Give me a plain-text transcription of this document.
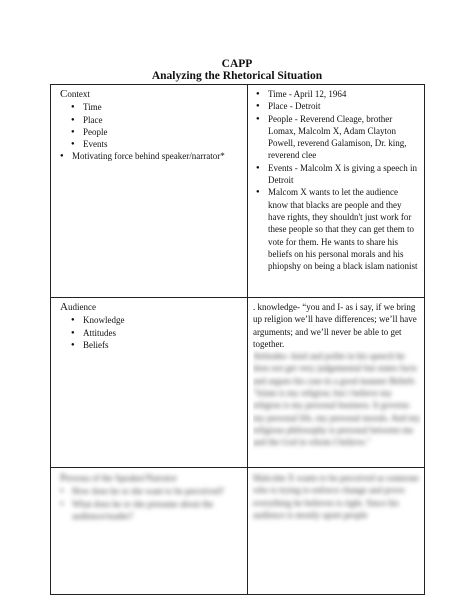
CAPP
Analyzing the Rhetorical Situation
Context
● Time
● Place
● People
● Events
● Motivating force behind speaker/narrator*
● Time - April 12, 1964
● Place - Detroit
● People - Reverend Cleage, brother Lomax, Malcolm X, Adam Clayton Powell, reverend Galamison, Dr. king, reverend clee
● Events - Malcolm X is giving a speech in Detroit
● Malcom X wants to let the audience know that blacks are people and they have rights, they shouldn't just work for these people so that they can get them to vote for them. He wants to share his beliefs on his personal morals and his phiopshy on being a black islam nationist
Audience
● Knowledge
● Attitudes
● Beliefs
. knowledge- “you and I- as i say, if we bring up religion we’ll have differences; we’ll have arguments; and we’ll never be able to get together.
Attitudes- kind and polite in his speech he does not get very judgemental but states facts and argues his case in a good manner Beliefs "Islam is my religion; but i believe my religion is my personal business. It governs my personal life, my personal morals. And my religious philosophy is personal between me and the God in whom I believe."
Persona of the Speaker/Narrator
● How does he or she want to be perceived?
● What does he or she presume about the audience/reader?
Malcolm X wants to be perceived as someone who is trying to enforce change and prove everything he believes is right. Since his audience is mostly upset people
